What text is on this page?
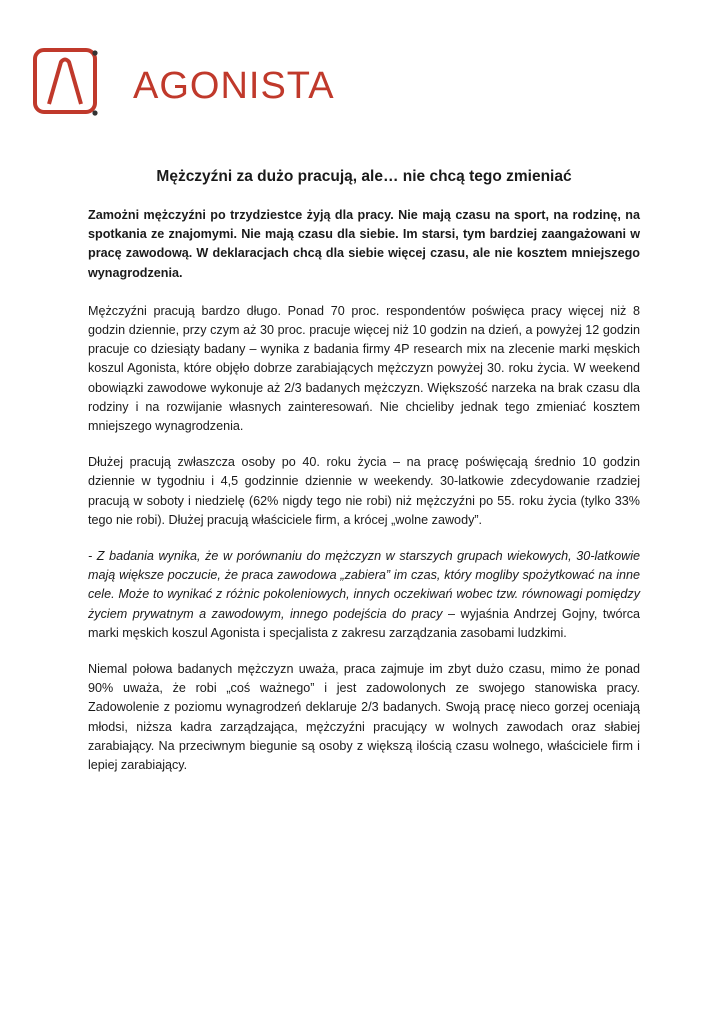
AGONISTA
Mężczyźni za dużo pracują, ale… nie chcą tego zmieniać

Zamożni mężczyźni po trzydziestce żyją dla pracy. Nie mają czasu na sport, na rodzinę, na spotkania ze znajomymi. Nie mają czasu dla siebie. Im starsi, tym bardziej zaangażowani w pracę zawodową. W deklaracjach chcą dla siebie więcej czasu, ale nie kosztem mniejszego wynagrodzenia.

Mężczyźni pracują bardzo długo. Ponad 70 proc. respondentów poświęca pracy więcej niż 8 godzin dziennie, przy czym aż 30 proc. pracuje więcej niż 10 godzin na dzień, a powyżej 12 godzin pracuje co dziesiąty badany – wynika z badania firmy 4P research mix na zlecenie marki męskich koszul Agonista, które objęło dobrze zarabiających mężczyzn powyżej 30. roku życia. W weekend obowiązki zawodowe wykonuje aż 2/3 badanych mężczyzn. Większość narzeka na brak czasu dla rodziny i na rozwijanie własnych zainteresowań. Nie chcieliby jednak tego zmieniać kosztem mniejszego wynagrodzenia.

Dłużej pracują zwłaszcza osoby po 40. roku życia – na pracę poświęcają średnio 10 godzin dziennie w tygodniu i 4,5 godzinnie dziennie w weekendy. 30-latkowie zdecydowanie rzadziej pracują w soboty i niedzielę (62% nigdy tego nie robi) niż mężczyźni po 55. roku życia (tylko 33% tego nie robi). Dłużej pracują właściciele firm, a krócej „wolne zawody”.

- Z badania wynika, że w porównaniu do mężczyzn w starszych grupach wiekowych, 30-latkowie mają większe poczucie, że praca zawodowa „zabiera” im czas, który mogliby spożytkować na inne cele. Może to wynikać z różnic pokoleniowych, innych oczekiwań wobec tzw. równowagi pomiędzy życiem prywatnym a zawodowym, innego podejścia do pracy – wyjaśnia Andrzej Gojny, twórca marki męskich koszul Agonista i specjalista z zakresu zarządzania zasobami ludzkimi.

Niemal połowa badanych mężczyzn uważa, praca zajmuje im zbyt dużo czasu, mimo że ponad 90% uważa, że robi „coś ważnego” i jest zadowolonych ze swojego stanowiska pracy. Zadowolenie z poziomu wynagrodzeń deklaruje 2/3 badanych. Swoją pracę nieco gorzej oceniają młodsi, niższa kadra zarządzająca, mężczyźni pracujący w wolnych zawodach oraz słabiej zarabiający. Na przeciwnym biegunie są osoby z większą ilością czasu wolnego, właściciele firm i lepiej zarabiający.
